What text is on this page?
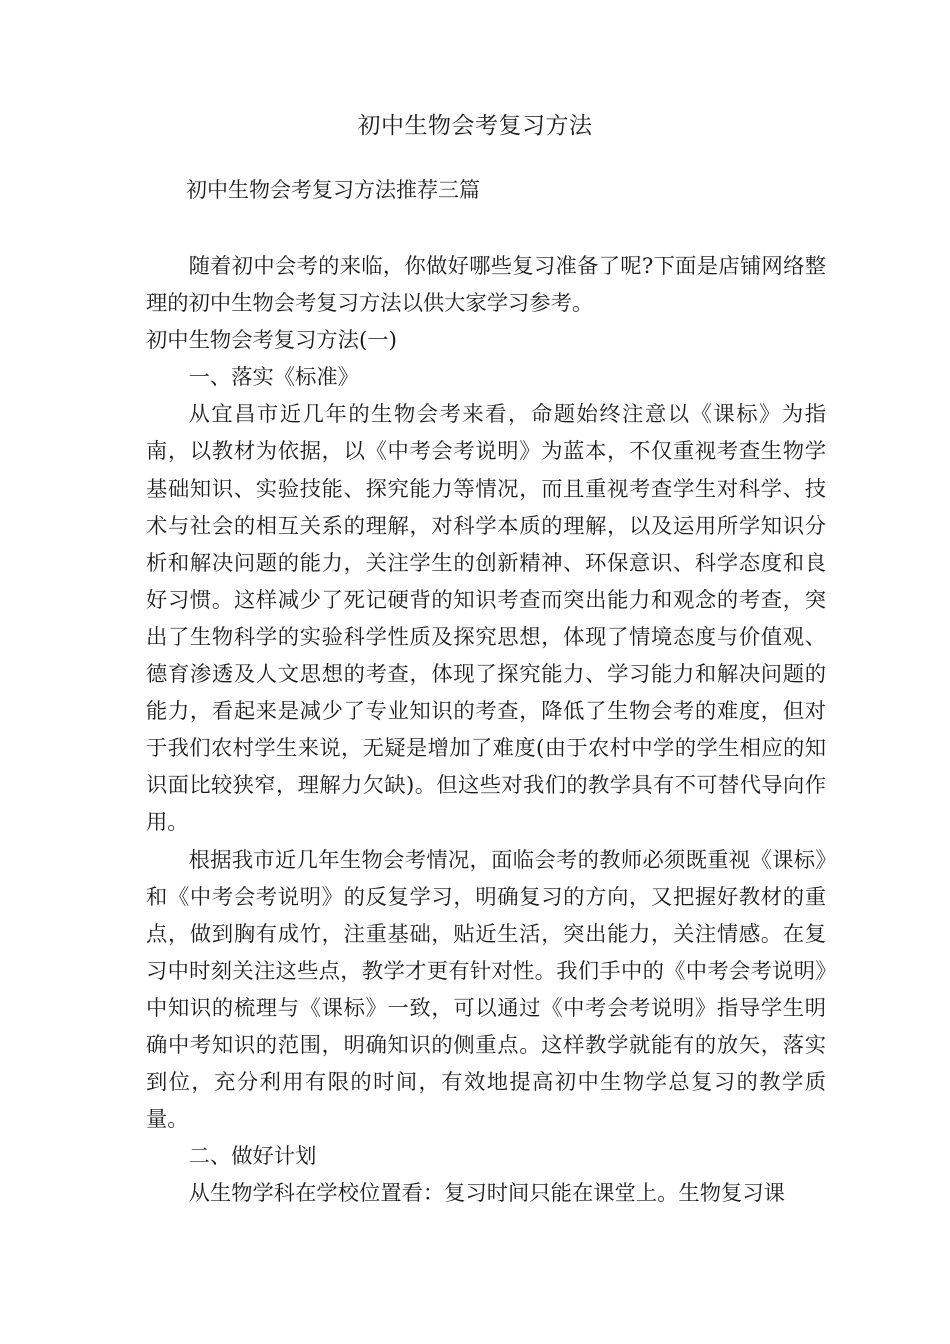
初中生物会考复习方法
初中生物会考复习方法推荐三篇

随着初中会考的来临，你做好哪些复习准备了呢?下面是店铺网络整理的初中生物会考复习方法以供大家学习参考。

初中生物会考复习方法(一)

一、落实《标准》

从宜昌市近几年的生物会考来看，命题始终注意以《课标》为指南，以教材为依据，以《中考会考说明》为蓝本，不仅重视考查生物学基础知识、实验技能、探究能力等情况，而且重视考查学生对科学、技术与社会的相互关系的理解，对科学本质的理解，以及运用所学知识分析和解决问题的能力，关注学生的创新精神、环保意识、科学态度和良好习惯。这样减少了死记硬背的知识考查而突出能力和观念的考查，突出了生物科学的实验科学性质及探究思想，体现了情境态度与价值观、德育渗透及人文思想的考查，体现了探究能力、学习能力和解决问题的能力，看起来是减少了专业知识的考查，降低了生物会考的难度，但对于我们农村学生来说，无疑是增加了难度(由于农村中学的学生相应的知识面比较狭窄，理解力欠缺)。但这些对我们的教学具有不可替代导向作用。

根据我市近几年生物会考情况，面临会考的教师必须既重视《课标》和《中考会考说明》的反复学习，明确复习的方向，又把握好教材的重点，做到胸有成竹，注重基础，贴近生活，突出能力，关注情感。在复习中时刻关注这些点，教学才更有针对性。我们手中的《中考会考说明》中知识的梳理与《课标》一致，可以通过《中考会考说明》指导学生明确中考知识的范围，明确知识的侧重点。这样教学就能有的放矢，落实到位，充分利用有限的时间，有效地提高初中生物学总复习的教学质量。

二、做好计划

从生物学科在学校位置看：复习时间只能在课堂上。生物复习课
